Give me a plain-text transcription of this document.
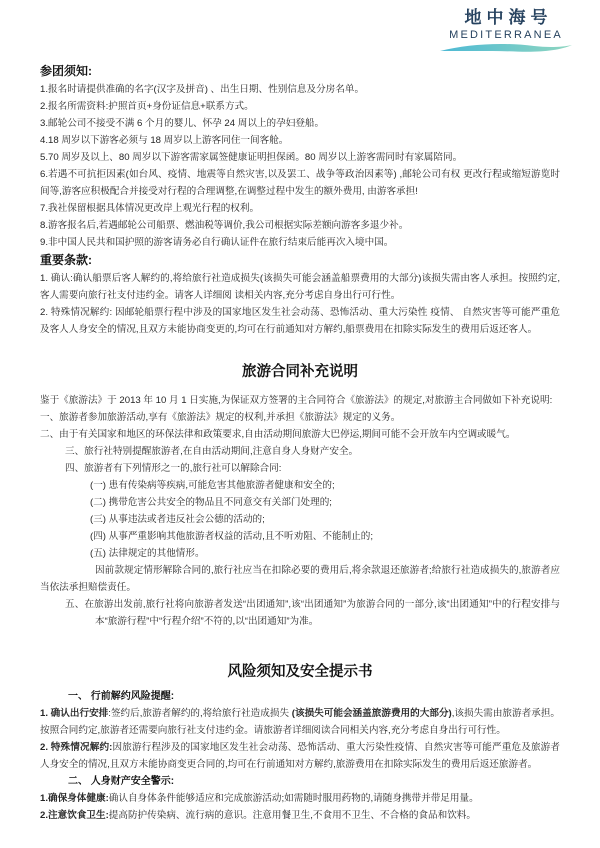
地中海号
MEDITERRANEA

参团须知:

1.报名时请提供准确的名字(汉字及拼音) 、出生日期、性别信息及分房名单。

2.报名所需资料:护照首页+身份证信息+联系方式。

3.邮轮公司不接受不满 6 个月的婴儿、怀孕 24 周以上的孕妇登船。

4.18 周岁以下游客必须与 18 周岁以上游客同住一间客舱。

5.70 周岁及以上、80 周岁以下游客需家属签健康证明担保函。80 周岁以上游客需同时有家属陪同。

6.若遇不可抗拒因素(如台风、疫情、地震等自然灾害,以及罢工、战争等政治因素等) ,邮轮公司有权 更改行程或缩短游览时间等,游客应积极配合并接受对行程的合理调整,在调整过程中发生的额外费用, 由游客承担!

7.我社保留根据具体情况更改岸上观光行程的权利。

8.游客报名后,若遇邮轮公司船票、燃油税等调价,我公司根据实际差额向游客多退少补。

9.非中国人民共和国护照的游客请务必自行确认证件在旅行结束后能再次入境中国。

重要条款:

1. 确认:确认船票后客人解约的,将给旅行社造成损失(该损失可能会涵盖船票费用的大部分)该损失需由客人承担。按照约定,客人需要向旅行社支付违约金。请客人详细阅 读相关内容,充分考虑自身出行可行性。

2. 特殊情况解约: 因邮轮船票行程中涉及的国家地区发生社会动荡、恐怖活动、重大污染性 疫情、 自然灾害等可能严重危及客人人身安全的情况,且双方未能协商变更的,均可在行前通知对方解约,船票费用在扣除实际发生的费用后返还客人。

旅游合同补充说明

鉴于《旅游法》于 2013 年 10 月 1 日实施,为保证双方签署的主合同符合《旅游法》的规定,对旅游主合同做如下补充说明:

一、旅游者参加旅游活动,享有《旅游法》规定的权利,并承担《旅游法》规定的义务。

二、由于有关国家和地区的环保法律和政策要求,自由活动期间旅游大巴停运,期间可能不会开放车内空调或暖气。

三、旅行社特别提醒旅游者,在自由活动期间,注意自身人身财产安全。

四、旅游者有下列情形之一的,旅行社可以解除合同:

(一) 患有传染病等疾病,可能危害其他旅游者健康和安全的;

(二) 携带危害公共安全的物品且不同意交有关部门处理的;

(三) 从事违法或者违反社会公德的活动的;

(四) 从事严重影响其他旅游者权益的活动,且不听劝阻、不能制止的;

(五) 法律规定的其他情形。

因前款规定情形解除合同的,旅行社应当在扣除必要的费用后,将余款退还旅游者;给旅行社造成损失的,旅游者应当依法承担赔偿责任。

五、在旅游出发前,旅行社将向旅游者发送“出团通知”,该“出团通知”为旅游合同的一部分,该“出团通知”中的行程安排与本“旅游行程”中“行程介绍”不符的,以“出团通知”为准。

风险须知及安全提示书

一、 行前解约风险提醒:

1. 确认出行安排:签约后,旅游者解约的,将给旅行社造成损失 (该损失可能会涵盖旅游费用的大部分),该损失需由旅游者承担。按照合同约定,旅游者还需要向旅行社支付违约金。请旅游者详细阅读合同相关内容,充分考虑自身出行可行性。

2. 特殊情况解约:因旅游行程涉及的国家地区发生社会动荡、恐怖活动、重大污染性疫情、自然灾害等可能严重危及旅游者人身安全的情况,且双方未能协商变更合同的,均可在行前通知对方解约,旅游费用在扣除实际发生的费用后返还旅游者。

二、 人身财产安全警示:

1.确保身体健康:确认自身体条件能够适应和完成旅游活动;如需随时服用药物的,请随身携带并带足用量。

2.注意饮食卫生:提高防护传染病、流行病的意识。注意用餐卫生,不食用不卫生、不合格的食品和饮料。
